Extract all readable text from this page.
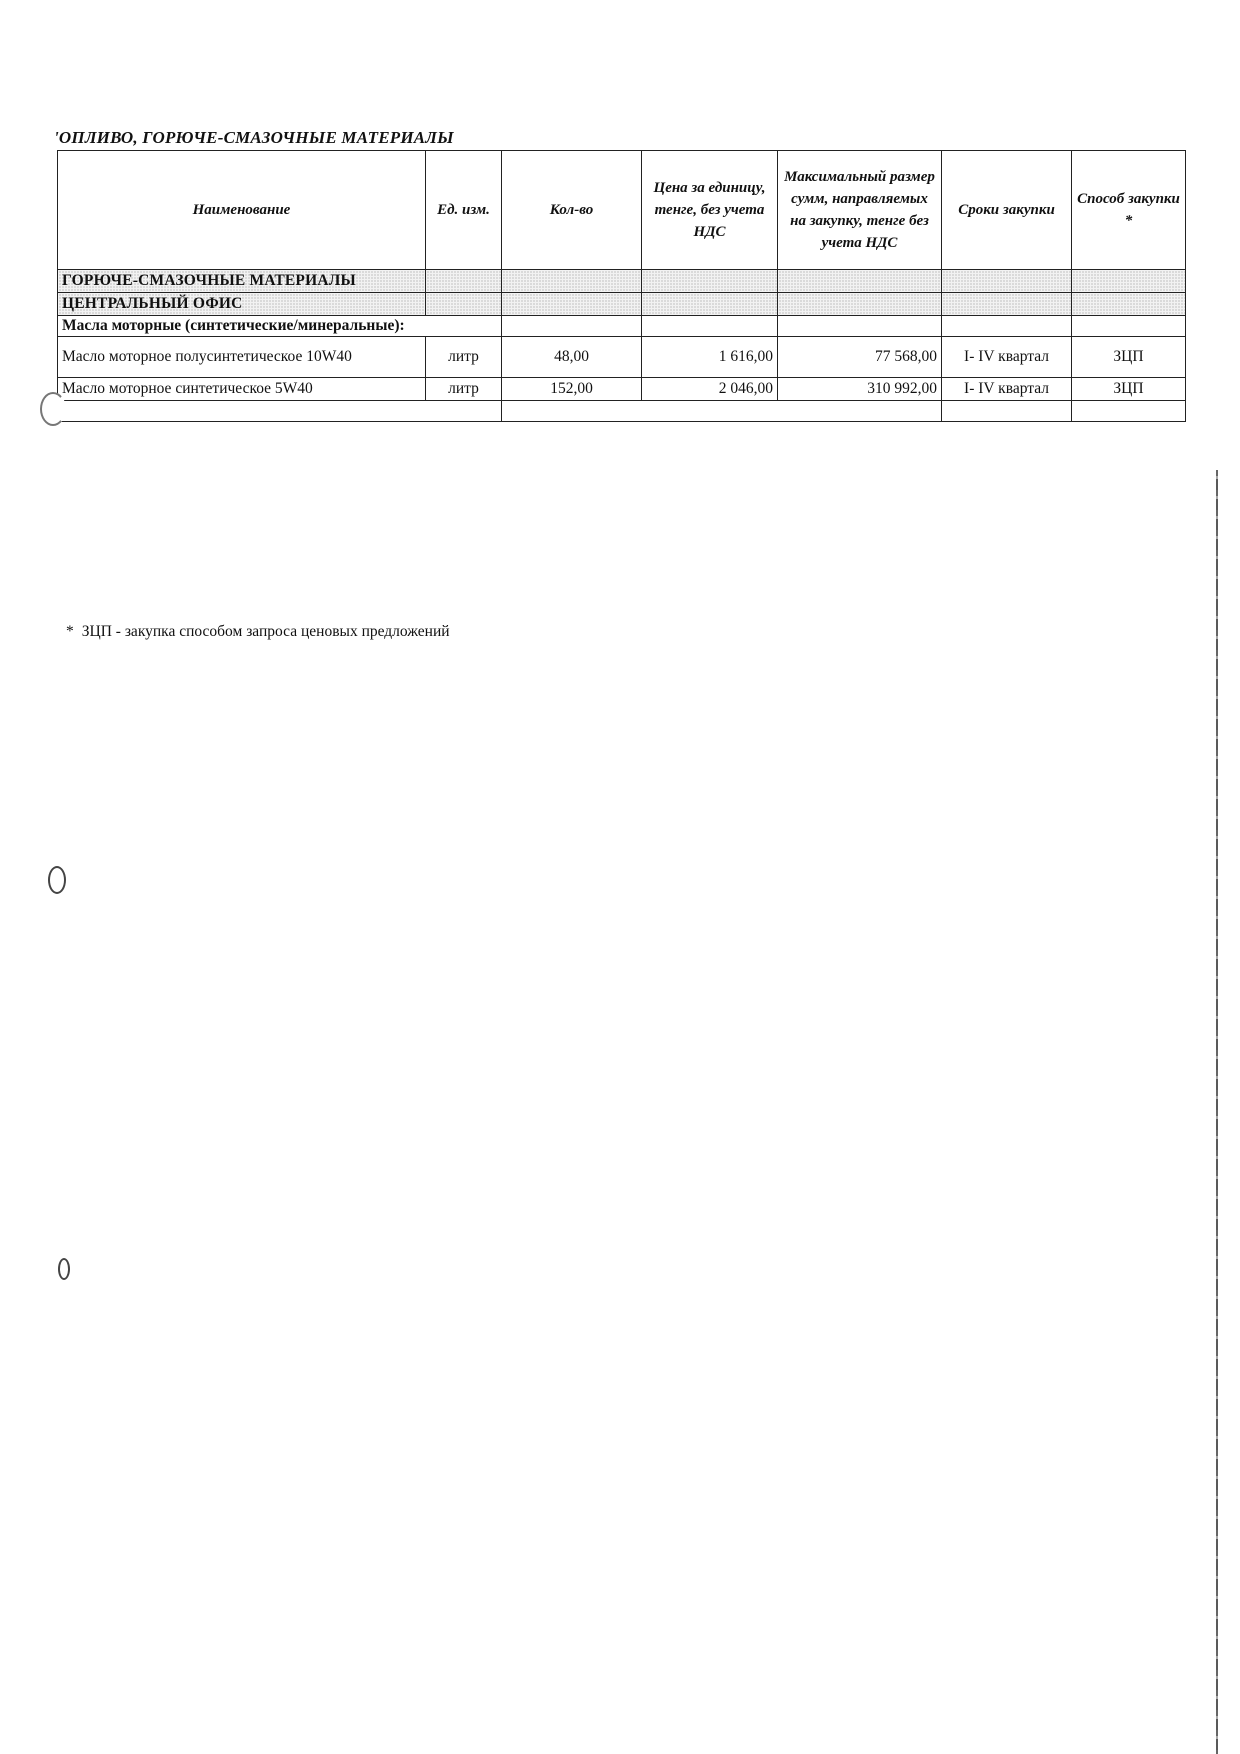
'ОПЛИВО, ГОРЮЧЕ-СМАЗОЧНЫЕ МАТЕРИАЛЫ
Наименование	Ед. изм.	Кол-во	Цена за единицу, тенге, без учета НДС	Максимальный размер сумм, направляемых на закупку, тенге без учета НДС	Сроки закупки	Способ закупки *
ГОРЮЧЕ-СМАЗОЧНЫЕ МАТЕРИАЛЫ						
ЦЕНТРАЛЬНЫЙ ОФИС						
Масла моторные (синтетические/минеральные):						
Масло моторное полусинтетическое 10W40	литр	48,00	1 616,00	77 568,00	I- IV квартал	ЗЦП
Масло моторное синтетическое 5W40	литр	152,00	2 046,00	310 992,00	I- IV квартал	ЗЦП

* ЗЦП - закупка способом запроса ценовых предложений
